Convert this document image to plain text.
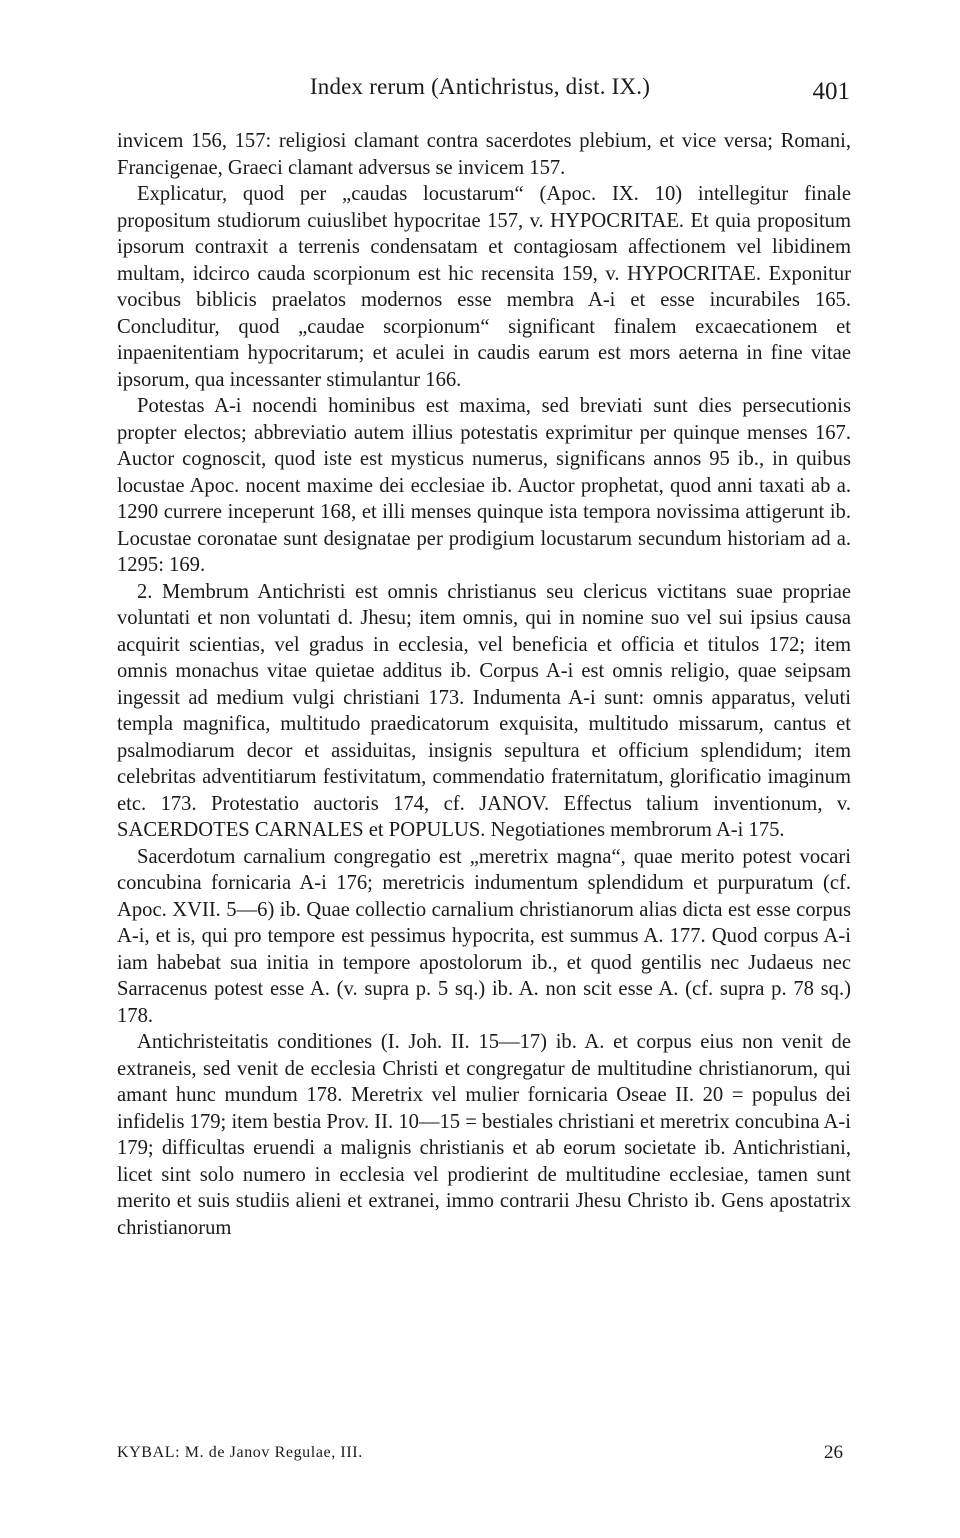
Index rerum (Antichristus, dist. IX.)	401

invicem 156, 157: religiosi clamant contra sacerdotes plebium, et vice versa; Romani, Francigenae, Graeci clamant adversus se invicem 157.

Explicatur, quod per „caudas locustarum“ (Apoc. IX. 10) intellegitur finale propositum studiorum cuiuslibet hypocritae 157, v. HYPOCRITAE. Et quia propositum ipsorum contraxit a terrenis condensatam et contagiosam affectionem vel libidinem multam, idcirco cauda scorpionum est hic recensita 159, v. HYPOCRITAE. Exponitur vocibus biblicis praelatos modernos esse membra A-i et esse incurabiles 165. Concluditur, quod „caudae scorpionum“ significant finalem excaecationem et inpaenitentiam hypocritarum; et aculei in caudis earum est mors aeterna in fine vitae ipsorum, qua incessanter stimulantur 166.

Potestas A-i nocendi hominibus est maxima, sed breviati sunt dies persecutionis propter electos; abbreviatio autem illius potestatis exprimitur per quinque menses 167. Auctor cognoscit, quod iste est mysticus numerus, significans annos 95 ib., in quibus locustae Apoc. nocent maxime dei ecclesiae ib. Auctor prophetat, quod anni taxati ab a. 1290 currere inceperunt 168, et illi menses quinque ista tempora novissima attigerunt ib. Locustae coronatae sunt designatae per prodigium locustarum secundum historiam ad a. 1295: 169.

2. Membrum Antichristi est omnis christianus seu clericus victitans suae propriae voluntati et non voluntati d. Jhesu; item omnis, qui in nomine suo vel sui ipsius causa acquirit scientias, vel gradus in ecclesia, vel beneficia et officia et titulos 172; item omnis monachus vitae quietae additus ib. Corpus A-i est omnis religio, quae seipsam ingessit ad medium vulgi christiani 173. Indumenta A-i sunt: omnis apparatus, veluti templa magnifica, multitudo praedicatorum exquisita, multitudo missarum, cantus et psalmodiarum decor et assiduitas, insignis sepultura et officium splendidum; item celebritas adventitiarum festivitatum, commendatio fraternitatum, glorificatio imaginum etc. 173. Protestatio auctoris 174, cf. JANOV. Effectus talium inventionum, v. SACERDOTES CARNALES et POPULUS. Negotiationes membrorum A-i 175.

Sacerdotum carnalium congregatio est „meretrix magna“, quae merito potest vocari concubina fornicaria A-i 176; meretricis indumentum splendidum et purpuratum (cf. Apoc. XVII. 5—6) ib. Quae collectio carnalium christianorum alias dicta est esse corpus A-i, et is, qui pro tempore est pessimus hypocrita, est summus A. 177. Quod corpus A-i iam habebat sua initia in tempore apostolorum ib., et quod gentilis nec Judaeus nec Sarracenus potest esse A. (v. supra p. 5 sq.) ib. A. non scit esse A. (cf. supra p. 78 sq.) 178.

Antichristeitatis conditiones (I. Joh. II. 15—17) ib. A. et corpus eius non venit de extraneis, sed venit de ecclesia Christi et congregatur de multitudine christianorum, qui amant hunc mundum 178. Meretrix vel mulier fornicaria Oseae II. 20 = populus dei infidelis 179; item bestia Prov. II. 10—15 = bestiales christiani et meretrix concubina A-i 179; difficultas eruendi a malignis christianis et ab eorum societate ib. Antichristiani, licet sint solo numero in ecclesia vel prodierint de multitudine ecclesiae, tamen sunt merito et suis studiis alieni et extranei, immo contrarii Jhesu Christo ib. Gens apostatrix christianorum

KYBAL: M. de Janov Regulae, III.	26
